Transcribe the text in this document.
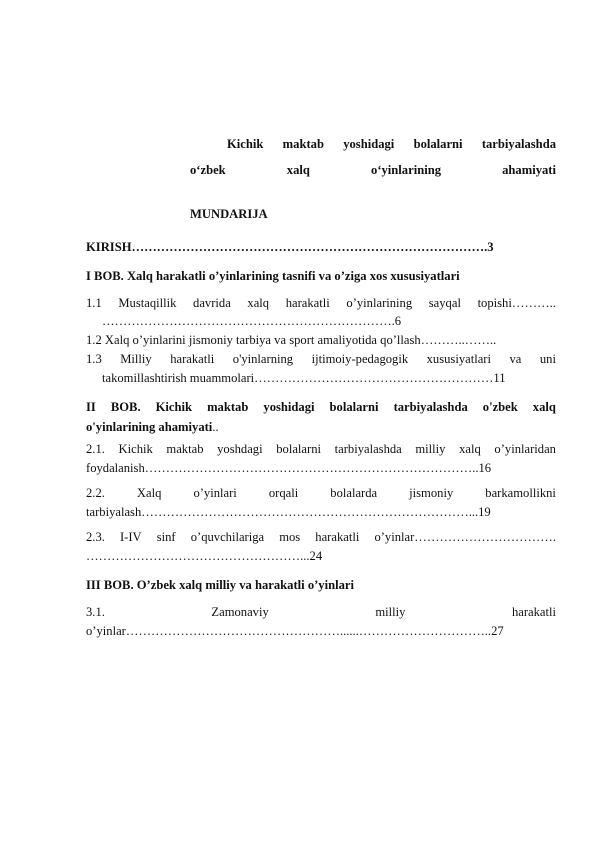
Kichik maktab yoshidagi bolalarni tarbiyalashda
o‘zbek	xalq	o‘yinlarining	ahamiyati
MUNDARIJA
KIRISH………………………………………………………………………….3
I BOB. Xalq harakatli o’yinlarining tasnifi va o’ziga xos xususiyatlari
1.1 Mustaqillik davrida xalq harakatli o’yinlarining sayqal topishi………..
…………………………………………………………….6
1.2 Xalq o’yinlarini jismoniy tarbiya va sport amaliyotida qo’llash………..……..
1.3 Milliy harakatli o'yinlarning ijtimoiy-pedagogik xususiyatlari va uni
takomillashtirish muammolari…………………………………………………11
II BOB. Kichik maktab yoshidagi bolalarni tarbiyalashda o'zbek xalq
o'yinlarining ahamiyati..
2.1. Kichik maktab yoshdagi bolalarni tarbiyalashda milliy xalq o’yinlaridan
foydalanish……………………………………………………………………..16
2.2.	Xalq	o’yinlari	orqali	bolalarda	jismoniy	barkamollikni
tarbiyalash……………………………………………………………………...19
2.3. I-IV sinf o’quvchilariga mos harakatli o’yinlar…………………………….
……………………………………………...24
III BOB. O’zbek xalq milliy va harakatli o’yinlari
3.1.	Zamonaviy	milliy	harakatli
o’yinlar……………………………………………......…………………………..27
